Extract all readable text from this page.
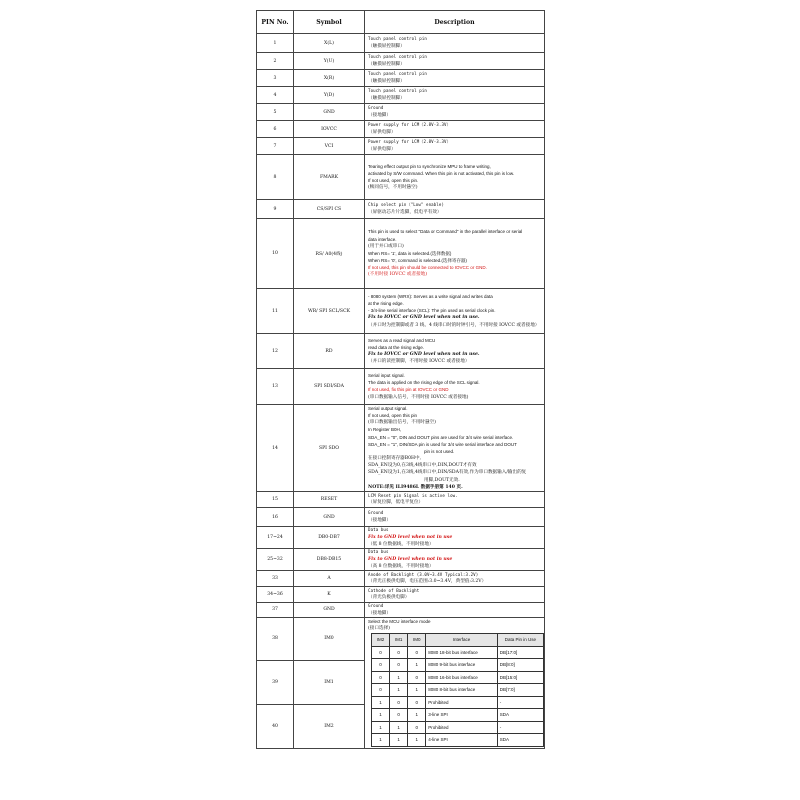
PIN No.	Symbol	Description
1	X(L)	
Touch panel control pin
（触摸屏控制脚）

2	Y(U)	
Touch panel control pin
（触摸屏控制脚）

3	X(R)	
Touch panel control pin
（触摸屏控制脚）

4	Y(D)	
Touch panel control pin
（触摸屏控制脚）

5	GND	
Ground
（接地脚）

6	IOVCC	
Power supply for LCM（2.8V-3.3V）
（屏供电脚）

7	VCI	
Power supply for LCM（2.8V-3.3V）
（屏供电脚）

8	FMARK	
Tearing effect output pin to synchronize MPU to frame writing,
activated by S/W command. When this pin is not activated, this pin is low.
If not used, open this pin.
(帧同信号，不用时悬空)

9	CS/SPI CS	
Chip select pin（"Low" enable)
（屏驱动芯片片选脚，低电平有效）

10	RS/ A0(4线)	
This pin is used to select "Data or Command" in the parallel interface or serial
data interface.
(用于并口或串口)
When RS= '1', data is selected.(选择数据)
When RS= '0', command is selected.(选择寄存器)
If not used, this pin should be connected to IOVCC or GND.
(不用时接 IOVCC 或者接地)

11	WR/ SPI SCL/SCK	
- 8080 system (WRX): Serves as a write signal and writes data
at the rising edge.
- 3/4-line serial interface (SCL): The pin used as serial clock pin.
Fix to IOVCC or GND level when not in use.
（并口时为控制脚或者 3 线、4 线串口时的时钟引号，不用时接 IOVCC 或者接地）

12	RD	
Serves as a read signal and MCU
read data at the rising edge.
Fix to IOVCC or GND level when not in use.
（并口的读控制脚，不用时接 IOVCC 或者接地）

13	SPI SDI/SDA	
Serial input signal.
The data is applied on the rising edge of the SCL signal.
If not used, fix this pin at IOVCC or GND
(串口数据输入信号，不用时接 IOVCC 或者接地)

14	SPI SDO	
Serial output signal.
If not used, open this pin
(串口数据输出信号，不用时悬空)
In Register B0H,
SDA_EN = "0", DIN and DOUT pins are used for 3/4 wire serial interface.
SDA_EN = "1", DIN/SDA pin is used for 3/4 wire serial interface and DOUT
pin is not used.
在接口控制寄存器B0H中,
SDA_EN设为0,在3线,4线串口中,DIN,DOUT才有效
SDA_EN设为1,在3线,4线串口中,DIN/SDA有效,作为串口数据输入/输出的复
用脚,DOUT无效.
NOTE:详见 ILI9486L 数据手册第 140 页.

15	RESET	
LCM Reset pin Signal is active low.
（屏复位脚，低电平复位）

16	GND	
Ground
（接地脚）

17~24	DB0-DB7	
Data bus
Fix to GND level when not in use
（低 8 位数据线，不用时接地）

25~32	DB8-DB15	
Data bus
Fix to GND level when not in use
（高 8 位数据线，不用时接地）

33	A	
Anode of Backlight (3.0V~3.4V Typical:3.2V)
（背光正极供电脚，电压范围:3.0~3.4V，典型值:3.2V）

34~36	K	
Cathode of Backlight
（背光负极供电脚）

37	GND	
Ground
（接地脚）

38	IM0	
Select the MCU interface mode
(接口选择)
IM2	IM1	IM0	Interface	Data Pin in Use
0	0	0	8080 18-bit bus interface	DB[17:0]
0	0	1	8080 9-bit bus interface	DB[8:0]
0	1	0	8080 16-bit bus interface	DB[15:0]
0	1	1	8080 8-bit bus interface	DB[7:0]
1	0	0	Prohibited	-
1	0	1	3-line SPI	SDA
1	1	0	Prohibited	-
1	1	1	4-line SPI	SDA

39	IM1
40	IM2
